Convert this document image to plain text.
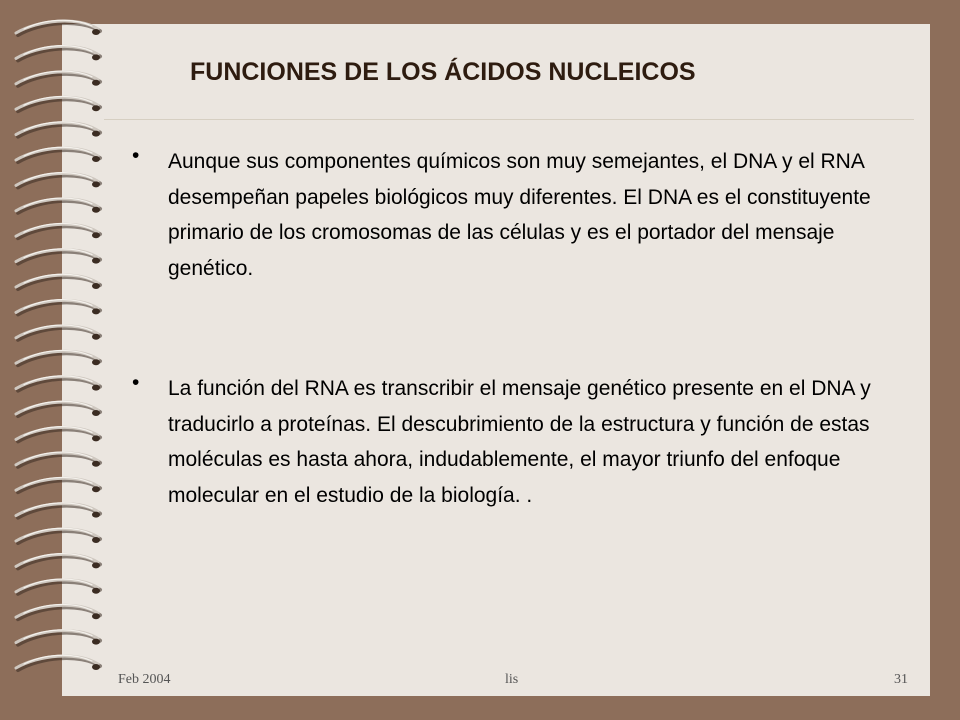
FUNCIONES DE LOS ÁCIDOS NUCLEICOS
• Aunque sus componentes químicos son muy semejantes, el DNA y el RNA desempeñan papeles biológicos muy diferentes. El DNA es el constituyente primario de los cromosomas de las células y es el portador del mensaje genético.

• La función del RNA es transcribir el mensaje genético presente en el DNA y traducirlo a proteínas. El descubrimiento de la estructura y función de estas moléculas es hasta ahora, indudablemente, el mayor triunfo del enfoque molecular en el estudio de la biología. .

Feb 2004	lis	31
